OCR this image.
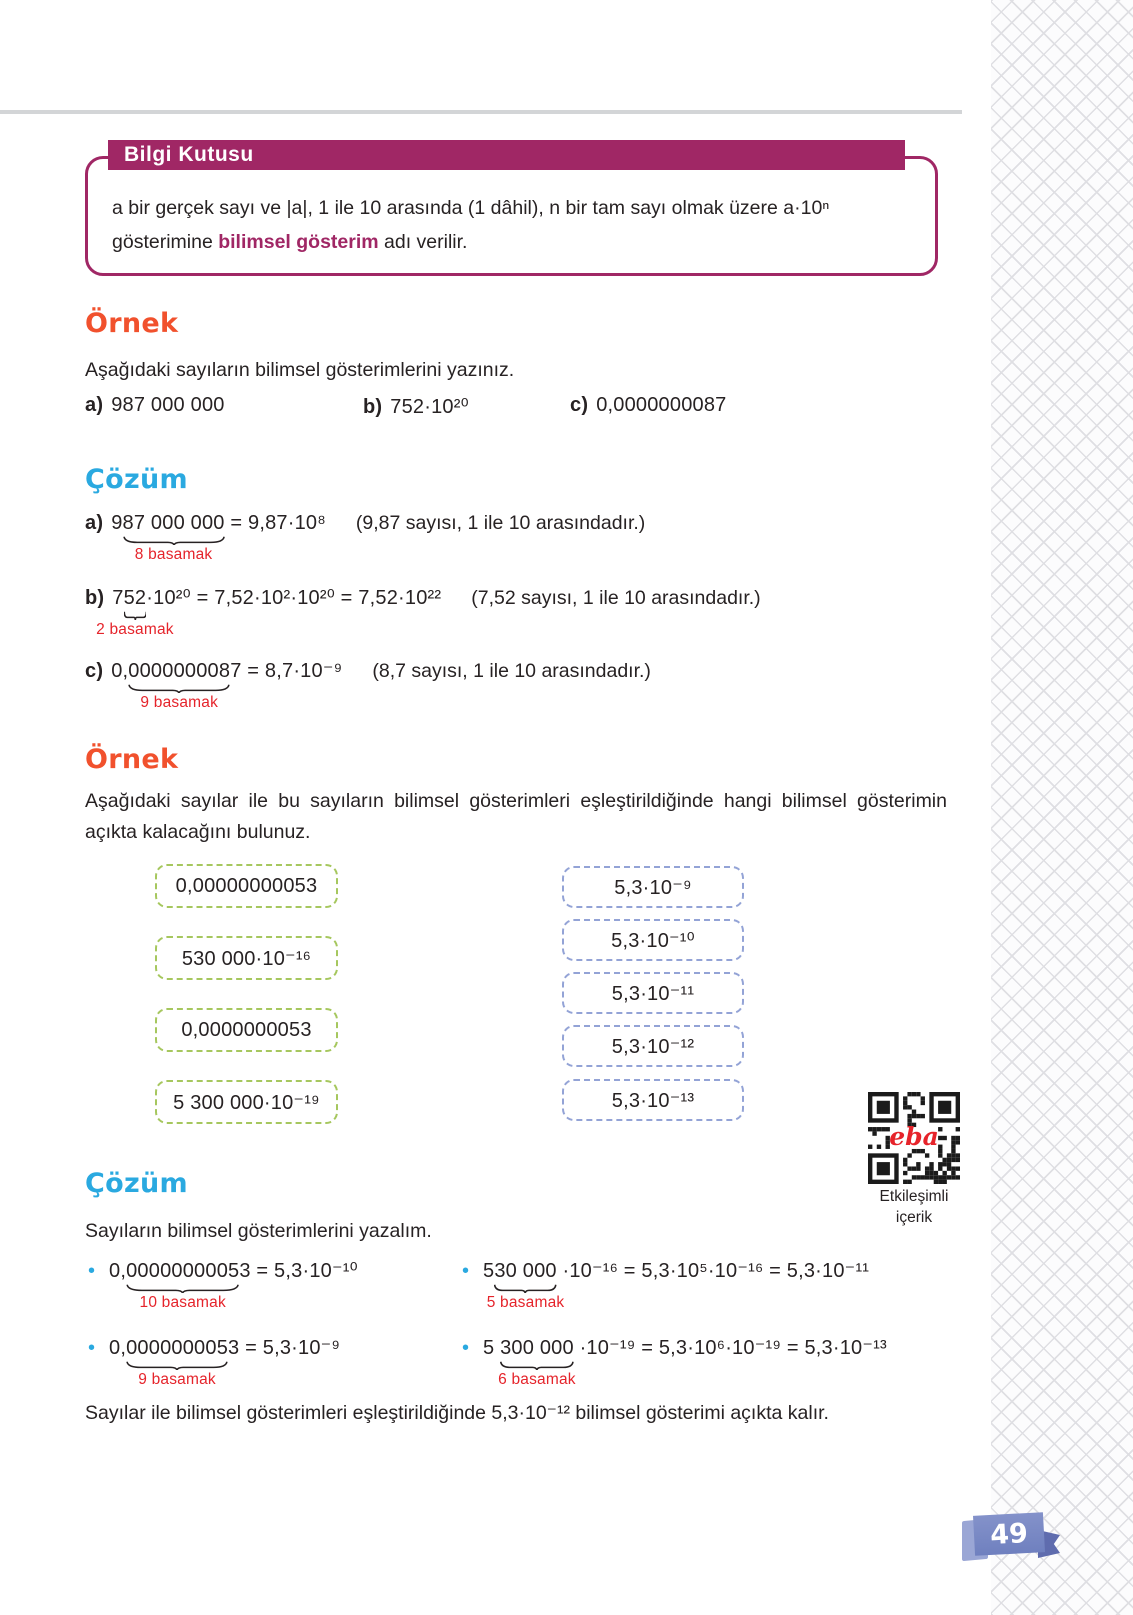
a bir gerçek sayı ve |a|, 1 ile 10 arasında (1 dâhil), n bir tam sayı olmak üzere a·10ⁿ gösterimine bilimsel gösterim adı verilir.
Bilgi Kutusu
Örnek
Aşağıdaki sayıların bilimsel gösterimlerini yazınız.
a) 987 000 000	b) 752·10²⁰	c) 0,0000000087
Çözüm
a) 987 000 000
8 basamak
= 9,87·10⁸ (9,87 sayısı, 1 ile 10 arasındadır.)
b) 752
2 basamak
·10²⁰ = 7,52·10²·10²⁰ = 7,52·10²² (7,52 sayısı, 1 ile 10 arasındadır.)
c) 0,000000008
9 basamak
7 = 8,7·10⁻⁹ (8,7 sayısı, 1 ile 10 arasındadır.)
Örnek
Aşağıdaki sayılar ile bu sayıların bilimsel gösterimleri eşleştirildiğinde hangi bilimsel gösterimin açıkta kalacağını bulunuz.
0,00000000053
530 000·10⁻¹⁶
0,0000000053
5 300 000·10⁻¹⁹
5,3·10⁻⁹
5,3·10⁻¹⁰
5,3·10⁻¹¹
5,3·10⁻¹²
5,3·10⁻¹³
eba
Etkileşimli
içerik
Çözüm
Sayıların bilimsel gösterimlerini yazalım.
• 0,0000000005
10 basamak
3 = 5,3·10⁻¹⁰	• 530 000
5 basamak
·10⁻¹⁶ = 5,3·10⁵·10⁻¹⁶ = 5,3·10⁻¹¹
• 0,000000005
9 basamak
3 = 5,3·10⁻⁹	• 5 300 000
6 basamak
·10⁻¹⁹ = 5,3·10⁶·10⁻¹⁹ = 5,3·10⁻¹³
Sayılar ile bilimsel gösterimleri eşleştirildiğinde 5,3·10⁻¹² bilimsel gösterimi açıkta kalır.
49
